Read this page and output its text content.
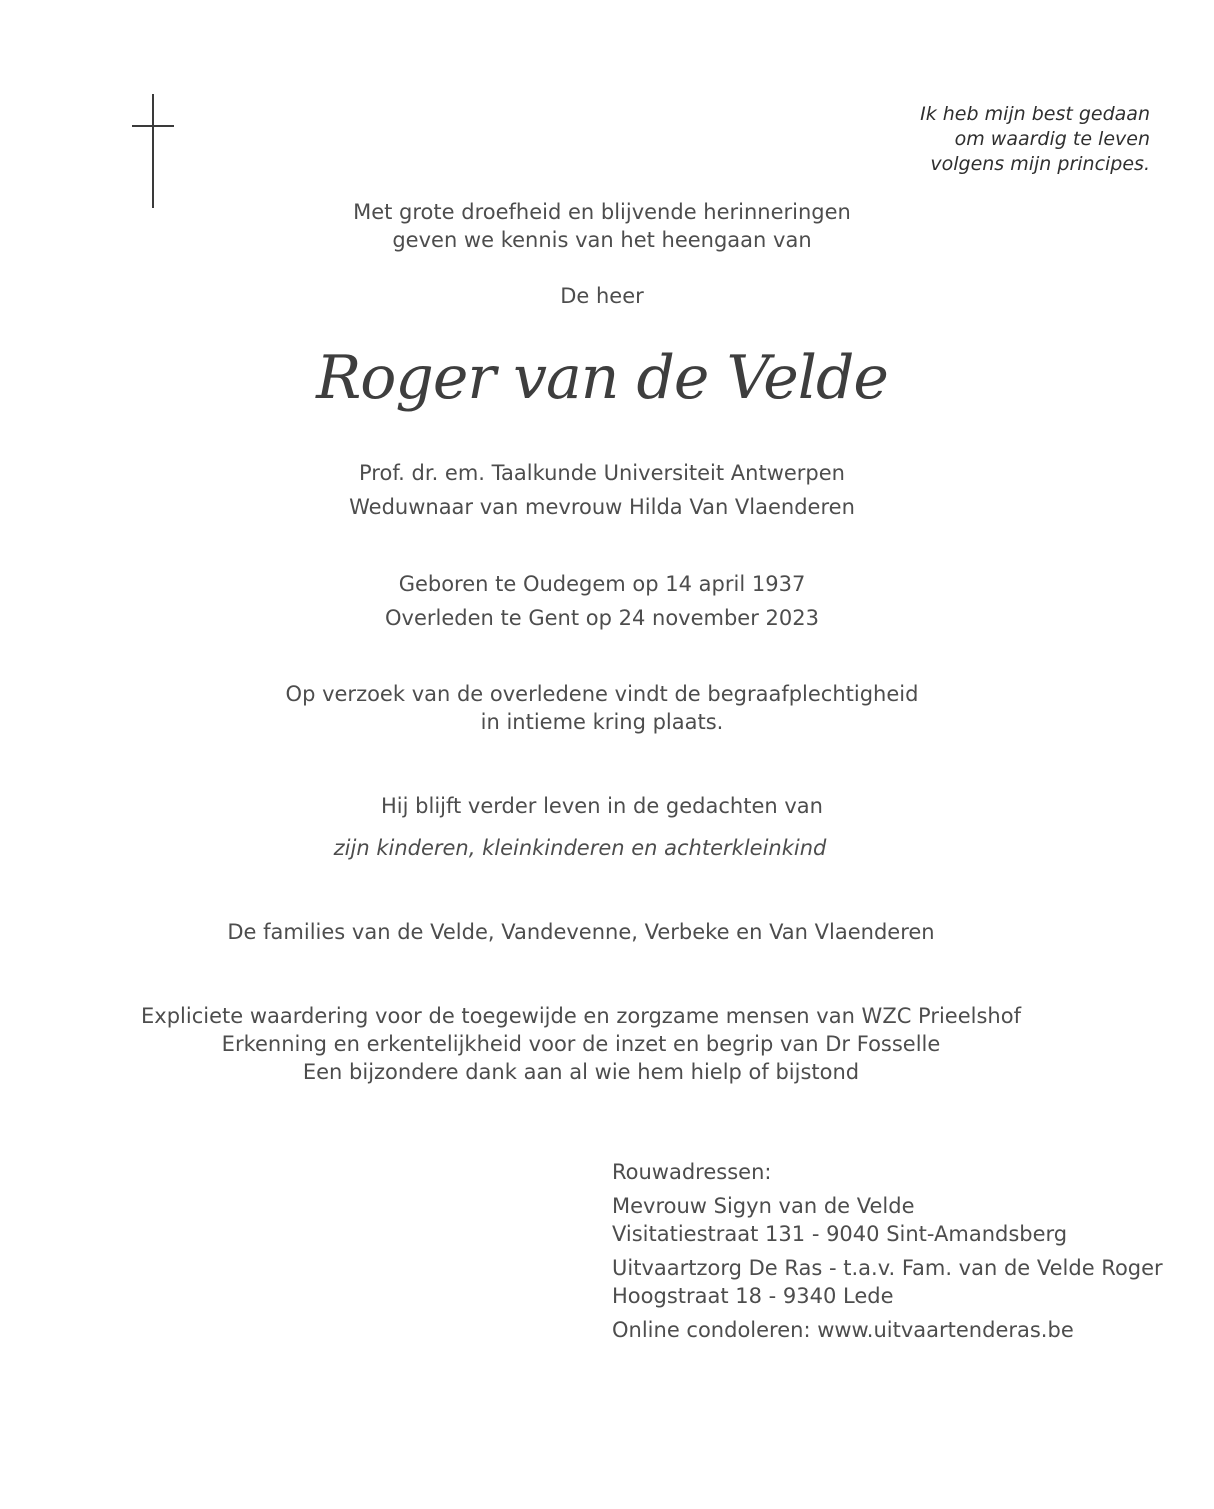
Ik heb mijn best gedaan
om waardig te leven
volgens mijn principes.
Met grote droefheid en blijvende herinneringen
geven we kennis van het heengaan van
De heer
Roger van de Velde
Prof. dr. em. Taalkunde Universiteit Antwerpen
Weduwnaar van mevrouw Hilda Van Vlaenderen
Geboren te Oudegem op 14 april 1937
Overleden te Gent op 24 november 2023
Op verzoek van de overledene vindt de begraafplechtigheid
in intieme kring plaats.
Hij blijft verder leven in de gedachten van
zijn kinderen, kleinkinderen en achterkleinkind
De families van de Velde, Vandevenne, Verbeke en Van Vlaenderen
Expliciete waardering voor de toegewijde en zorgzame mensen van WZC Prieelshof
Erkenning en erkentelijkheid voor de inzet en begrip van Dr Fosselle
Een bijzondere dank aan al wie hem hielp of bijstond
Rouwadressen:
Mevrouw Sigyn van de Velde
Visitatiestraat 131 - 9040 Sint-Amandsberg
Uitvaartzorg De Ras - t.a.v. Fam. van de Velde Roger
Hoogstraat 18 - 9340 Lede
Online condoleren: www.uitvaartenderas.be
